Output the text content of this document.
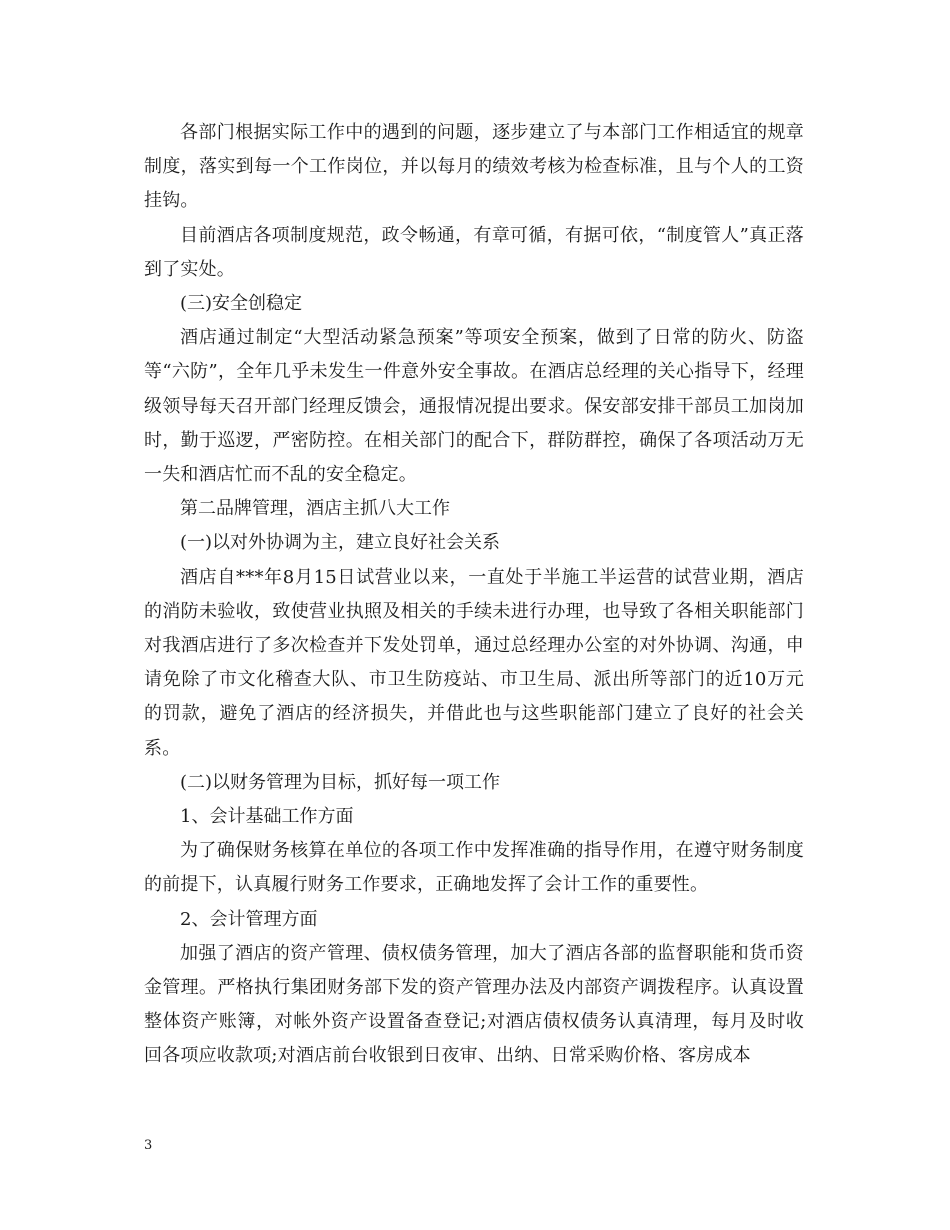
各部门根据实际工作中的遇到的问题，逐步建立了与本部门工作相适宜的规章制度，落实到每一个工作岗位，并以每月的绩效考核为检查标准，且与个人的工资挂钩。

目前酒店各项制度规范，政令畅通，有章可循，有据可依，“制度管人”真正落到了实处。

(三)安全创稳定

酒店通过制定“大型活动紧急预案”等项安全预案，做到了日常的防火、防盗等“六防”，全年几乎未发生一件意外安全事故。在酒店总经理的关心指导下，经理级领导每天召开部门经理反馈会，通报情况提出要求。保安部安排干部员工加岗加时，勤于巡逻，严密防控。在相关部门的配合下，群防群控，确保了各项活动万无一失和酒店忙而不乱的安全稳定。

第二品牌管理，酒店主抓八大工作

(一)以对外协调为主，建立良好社会关系

酒店自***年8月15日试营业以来，一直处于半施工半运营的试营业期，酒店的消防未验收，致使营业执照及相关的手续未进行办理，也导致了各相关职能部门对我酒店进行了多次检查并下发处罚单，通过总经理办公室的对外协调、沟通，申请免除了市文化稽查大队、市卫生防疫站、市卫生局、派出所等部门的近10万元的罚款，避免了酒店的经济损失，并借此也与这些职能部门建立了良好的社会关系。

(二)以财务管理为目标，抓好每一项工作

1、会计基础工作方面

为了确保财务核算在单位的各项工作中发挥准确的指导作用，在遵守财务制度的前提下，认真履行财务工作要求，正确地发挥了会计工作的重要性。

2、会计管理方面

加强了酒店的资产管理、债权债务管理，加大了酒店各部的监督职能和货币资金管理。严格执行集团财务部下发的资产管理办法及内部资产调拨程序。认真设置整体资产账簿，对帐外资产设置备查登记;对酒店债权债务认真清理，每月及时收回各项应收款项;对酒店前台收银到日夜审、出纳、日常采购价格、客房成本

3
